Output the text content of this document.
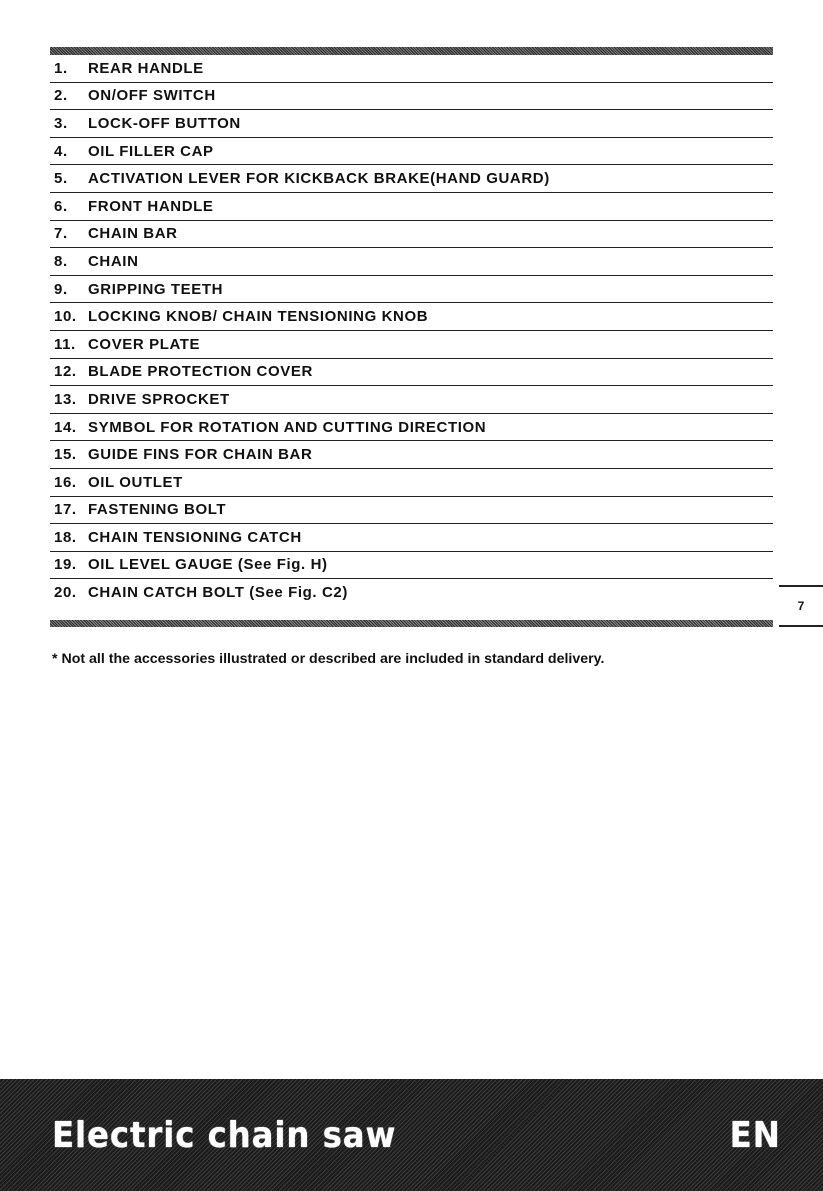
1.	REAR HANDLE
2.	ON/OFF SWITCH
3.	LOCK-OFF BUTTON
4.	OIL FILLER CAP
5.	ACTIVATION LEVER FOR KICKBACK BRAKE(HAND GUARD)
6.	FRONT HANDLE
7.	CHAIN BAR
8.	CHAIN
9.	GRIPPING TEETH
10. LOCKING KNOB/ CHAIN TENSIONING KNOB
11. COVER PLATE
12. BLADE PROTECTION COVER
13. DRIVE SPROCKET
14. SYMBOL FOR ROTATION AND CUTTING DIRECTION
15. GUIDE FINS FOR CHAIN BAR
16. OIL OUTLET
17. FASTENING BOLT
18. CHAIN TENSIONING CATCH
19. OIL LEVEL GAUGE (See Fig. H)
20. CHAIN CATCH BOLT (See Fig. C2)
7

* Not all the accessories illustrated or described are included in standard delivery.

Electric chain saw	EN
